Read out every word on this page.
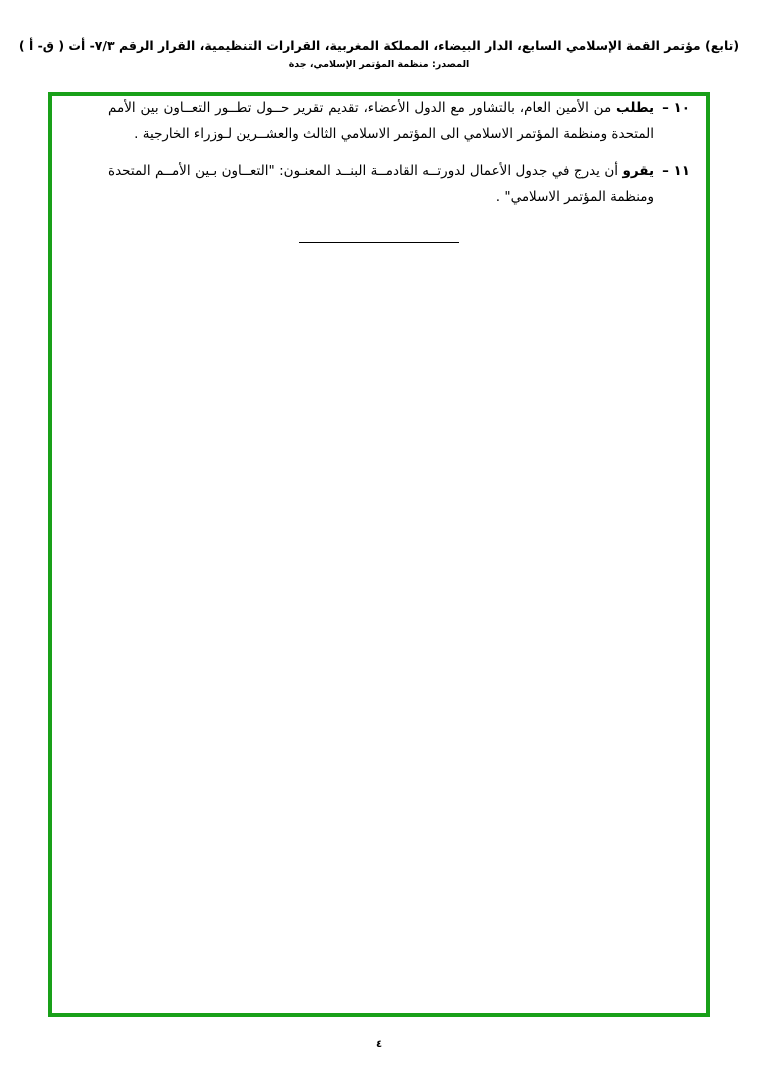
(تابع) مؤتمر القمة الإسلامي السابع، الدار البيضاء، المملكة المغربية، القرارات التنظيمية، القرار الرقم ٧/٣- أت ( ق- أ )
المصدر: منظمة المؤتمر الإسلامي، جدة
١٠ –
يطلب من الأمين العام، بالتشاور مع الدول الأعضاء، تقديم تقرير حــول تطــور التعــاون بين الأمم المتحدة ومنظمة المؤتمر الاسلامي الى المؤتمر الاسلامي الثالث والعشــرين لـوزراء الخارجية .
١١ –
يقرو أن يدرج في جدول الأعمال لدورتــه القادمــة البنــد المعنـون: "التعــاون بـين الأمــم المتحدة ومنظمة المؤتمر الاسلامي" .
٤
